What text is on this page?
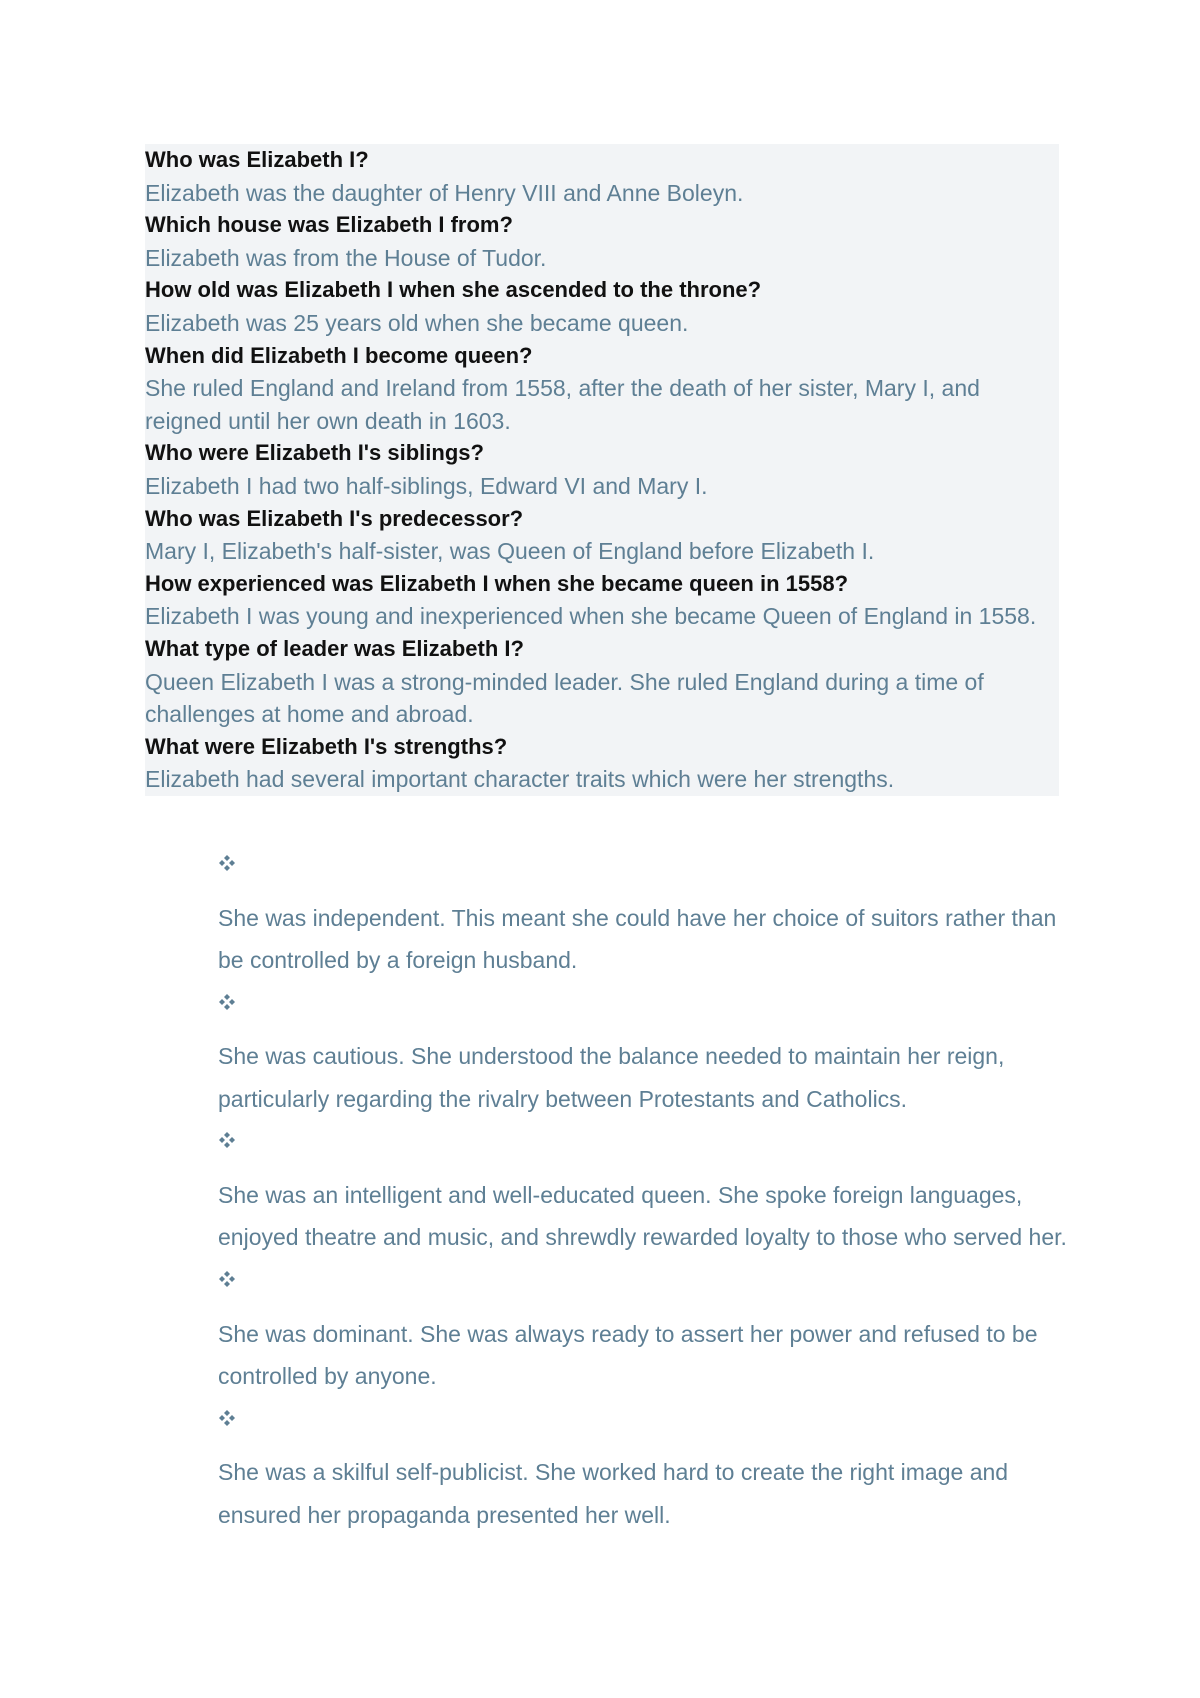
Who was Elizabeth I?

Elizabeth was the daughter of Henry VIII and Anne Boleyn.

Which house was Elizabeth I from?

Elizabeth was from the House of Tudor.

How old was Elizabeth I when she ascended to the throne?

Elizabeth was 25 years old when she became queen.

When did Elizabeth I become queen?

She ruled England and Ireland from 1558, after the death of her sister, Mary I, and reigned until her own death in 1603.

Who were Elizabeth I's siblings?

Elizabeth I had two half-siblings, Edward VI and Mary I.

Who was Elizabeth I's predecessor?

Mary I, Elizabeth's half-sister, was Queen of England before Elizabeth I.

How experienced was Elizabeth I when she became queen in 1558?

Elizabeth I was young and inexperienced when she became Queen of England in 1558.

What type of leader was Elizabeth I?

Queen Elizabeth I was a strong-minded leader. She ruled England during a time of challenges at home and abroad.

What were Elizabeth I's strengths?

Elizabeth had several important character traits which were her strengths.

She was independent. This meant she could have her choice of suitors rather than be controlled by a foreign husband.
She was cautious. She understood the balance needed to maintain her reign, particularly regarding the rivalry between Protestants and Catholics.
She was an intelligent and well-educated queen. She spoke foreign languages, enjoyed theatre and music, and shrewdly rewarded loyalty to those who served her.
She was dominant. She was always ready to assert her power and refused to be controlled by anyone.
She was a skilful self-publicist. She worked hard to create the right image and ensured her propaganda presented her well.
